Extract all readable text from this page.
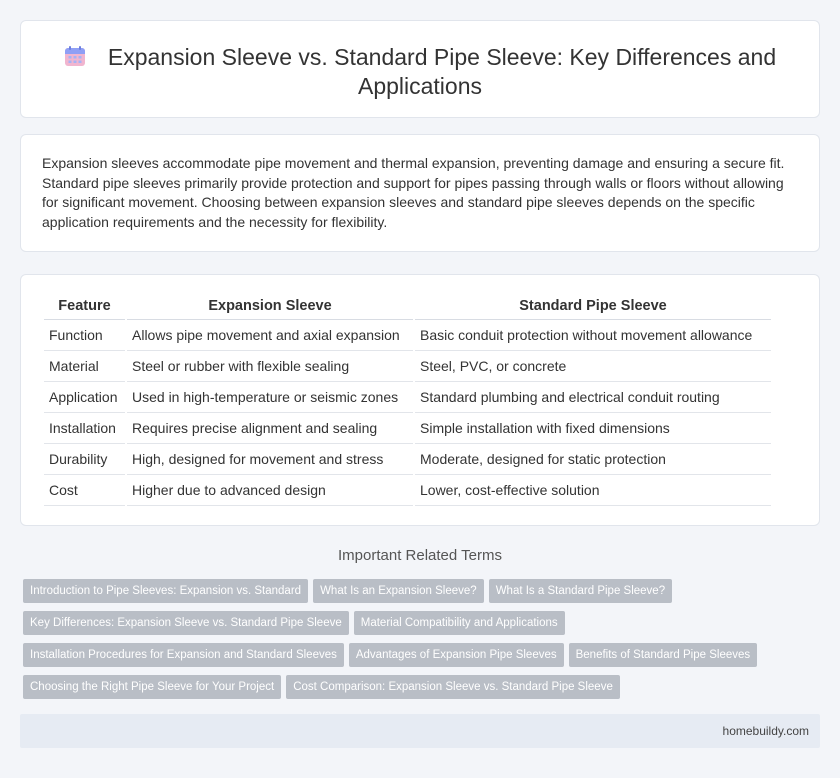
Expansion Sleeve vs. Standard Pipe Sleeve: Key Differences and Applications

Expansion sleeves accommodate pipe movement and thermal expansion, preventing damage and ensuring a secure fit. Standard pipe sleeves primarily provide protection and support for pipes passing through walls or floors without allowing for significant movement. Choosing between expansion sleeves and standard pipe sleeves depends on the specific application requirements and the necessity for flexibility.

Feature	Expansion Sleeve	Standard Pipe Sleeve
Function	Allows pipe movement and axial expansion	Basic conduit protection without movement allowance
Material	Steel or rubber with flexible sealing	Steel, PVC, or concrete
Application	Used in high-temperature or seismic zones	Standard plumbing and electrical conduit routing
Installation	Requires precise alignment and sealing	Simple installation with fixed dimensions
Durability	High, designed for movement and stress	Moderate, designed for static protection
Cost	Higher due to advanced design	Lower, cost-effective solution
Important Related Terms
Introduction to Pipe Sleeves: Expansion vs. Standard What Is an Expansion Sleeve? What Is a Standard Pipe Sleeve?
Key Differences: Expansion Sleeve vs. Standard Pipe Sleeve Material Compatibility and Applications
Installation Procedures for Expansion and Standard Sleeves Advantages of Expansion Pipe Sleeves Benefits of Standard Pipe Sleeves
Choosing the Right Pipe Sleeve for Your Project Cost Comparison: Expansion Sleeve vs. Standard Pipe Sleeve
homebuildy.com
